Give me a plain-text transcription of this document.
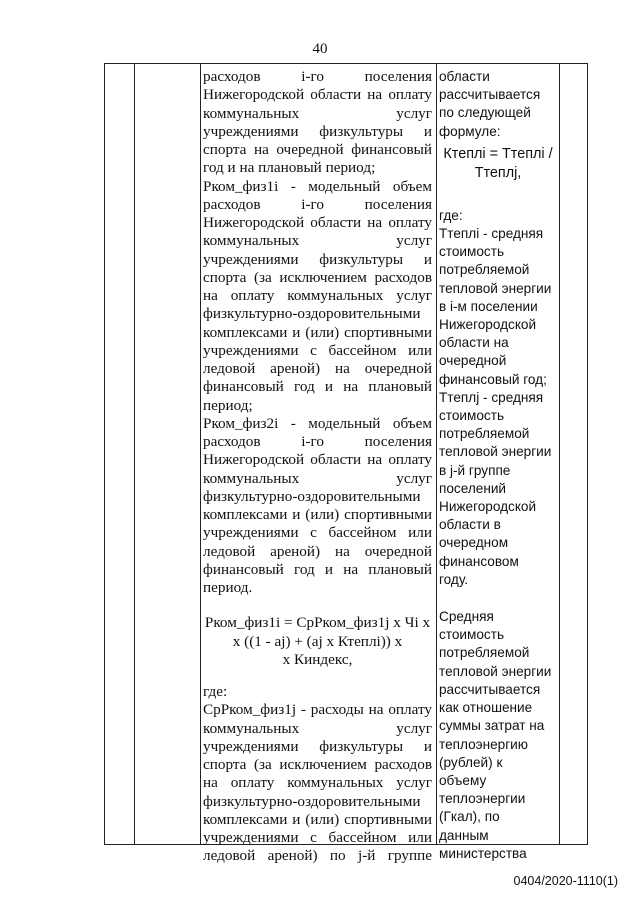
40
расходов i-го поселения
Нижегородской области на оплату
коммунальных услуг
учреждениями физкультуры и
спорта на очередной финансовый
год и на плановый период;
Рком_физ1i - модельный объем
расходов i-го поселения
Нижегородской области на оплату
коммунальных услуг
учреждениями физкультуры и
спорта (за исключением расходов
на оплату коммунальных услуг
физкультурно-оздоровительными
комплексами и (или) спортивными
учреждениями с бассейном или
ледовой ареной) на очередной
финансовый год и на плановый
период;
Рком_физ2i - модельный объем
расходов i-го поселения
Нижегородской области на оплату
коммунальных услуг
физкультурно-оздоровительными
комплексами и (или) спортивными
учреждениями с бассейном или
ледовой ареной) на очередной
финансовый год и на плановый
период.
Рком_физ1i = СрРком_физ1j x Чi x
x ((1 - aj) + (aj x Ктеплi)) x
x Киндекс,
где:
СрРком_физ1j - расходы на оплату
коммунальных услуг
учреждениями физкультуры и
спорта (за исключением расходов
на оплату коммунальных услуг
физкультурно-оздоровительными
комплексами и (или) спортивными
учреждениями с бассейном или
ледовой ареной) по j-й группе
области
рассчитывается
по следующей
формуле:
Ктеплi = Ттеплi / Ттеплj,
где:
Ттеплi - средняя
стоимость
потребляемой
тепловой энергии
в i-м поселении
Нижегородской
области на
очередной
финансовый год;
Ттеплj - средняя
стоимость
потребляемой
тепловой энергии
в j-й группе
поселений
Нижегородской
области в
очередном
финансовом
году.
Средняя
стоимость
потребляемой
тепловой энергии
рассчитывается
как отношение
суммы затрат на
теплоэнергию
(рублей) к
объему
теплоэнергии
(Гкал), по
данным
министерства
0404/2020-1110(1)
